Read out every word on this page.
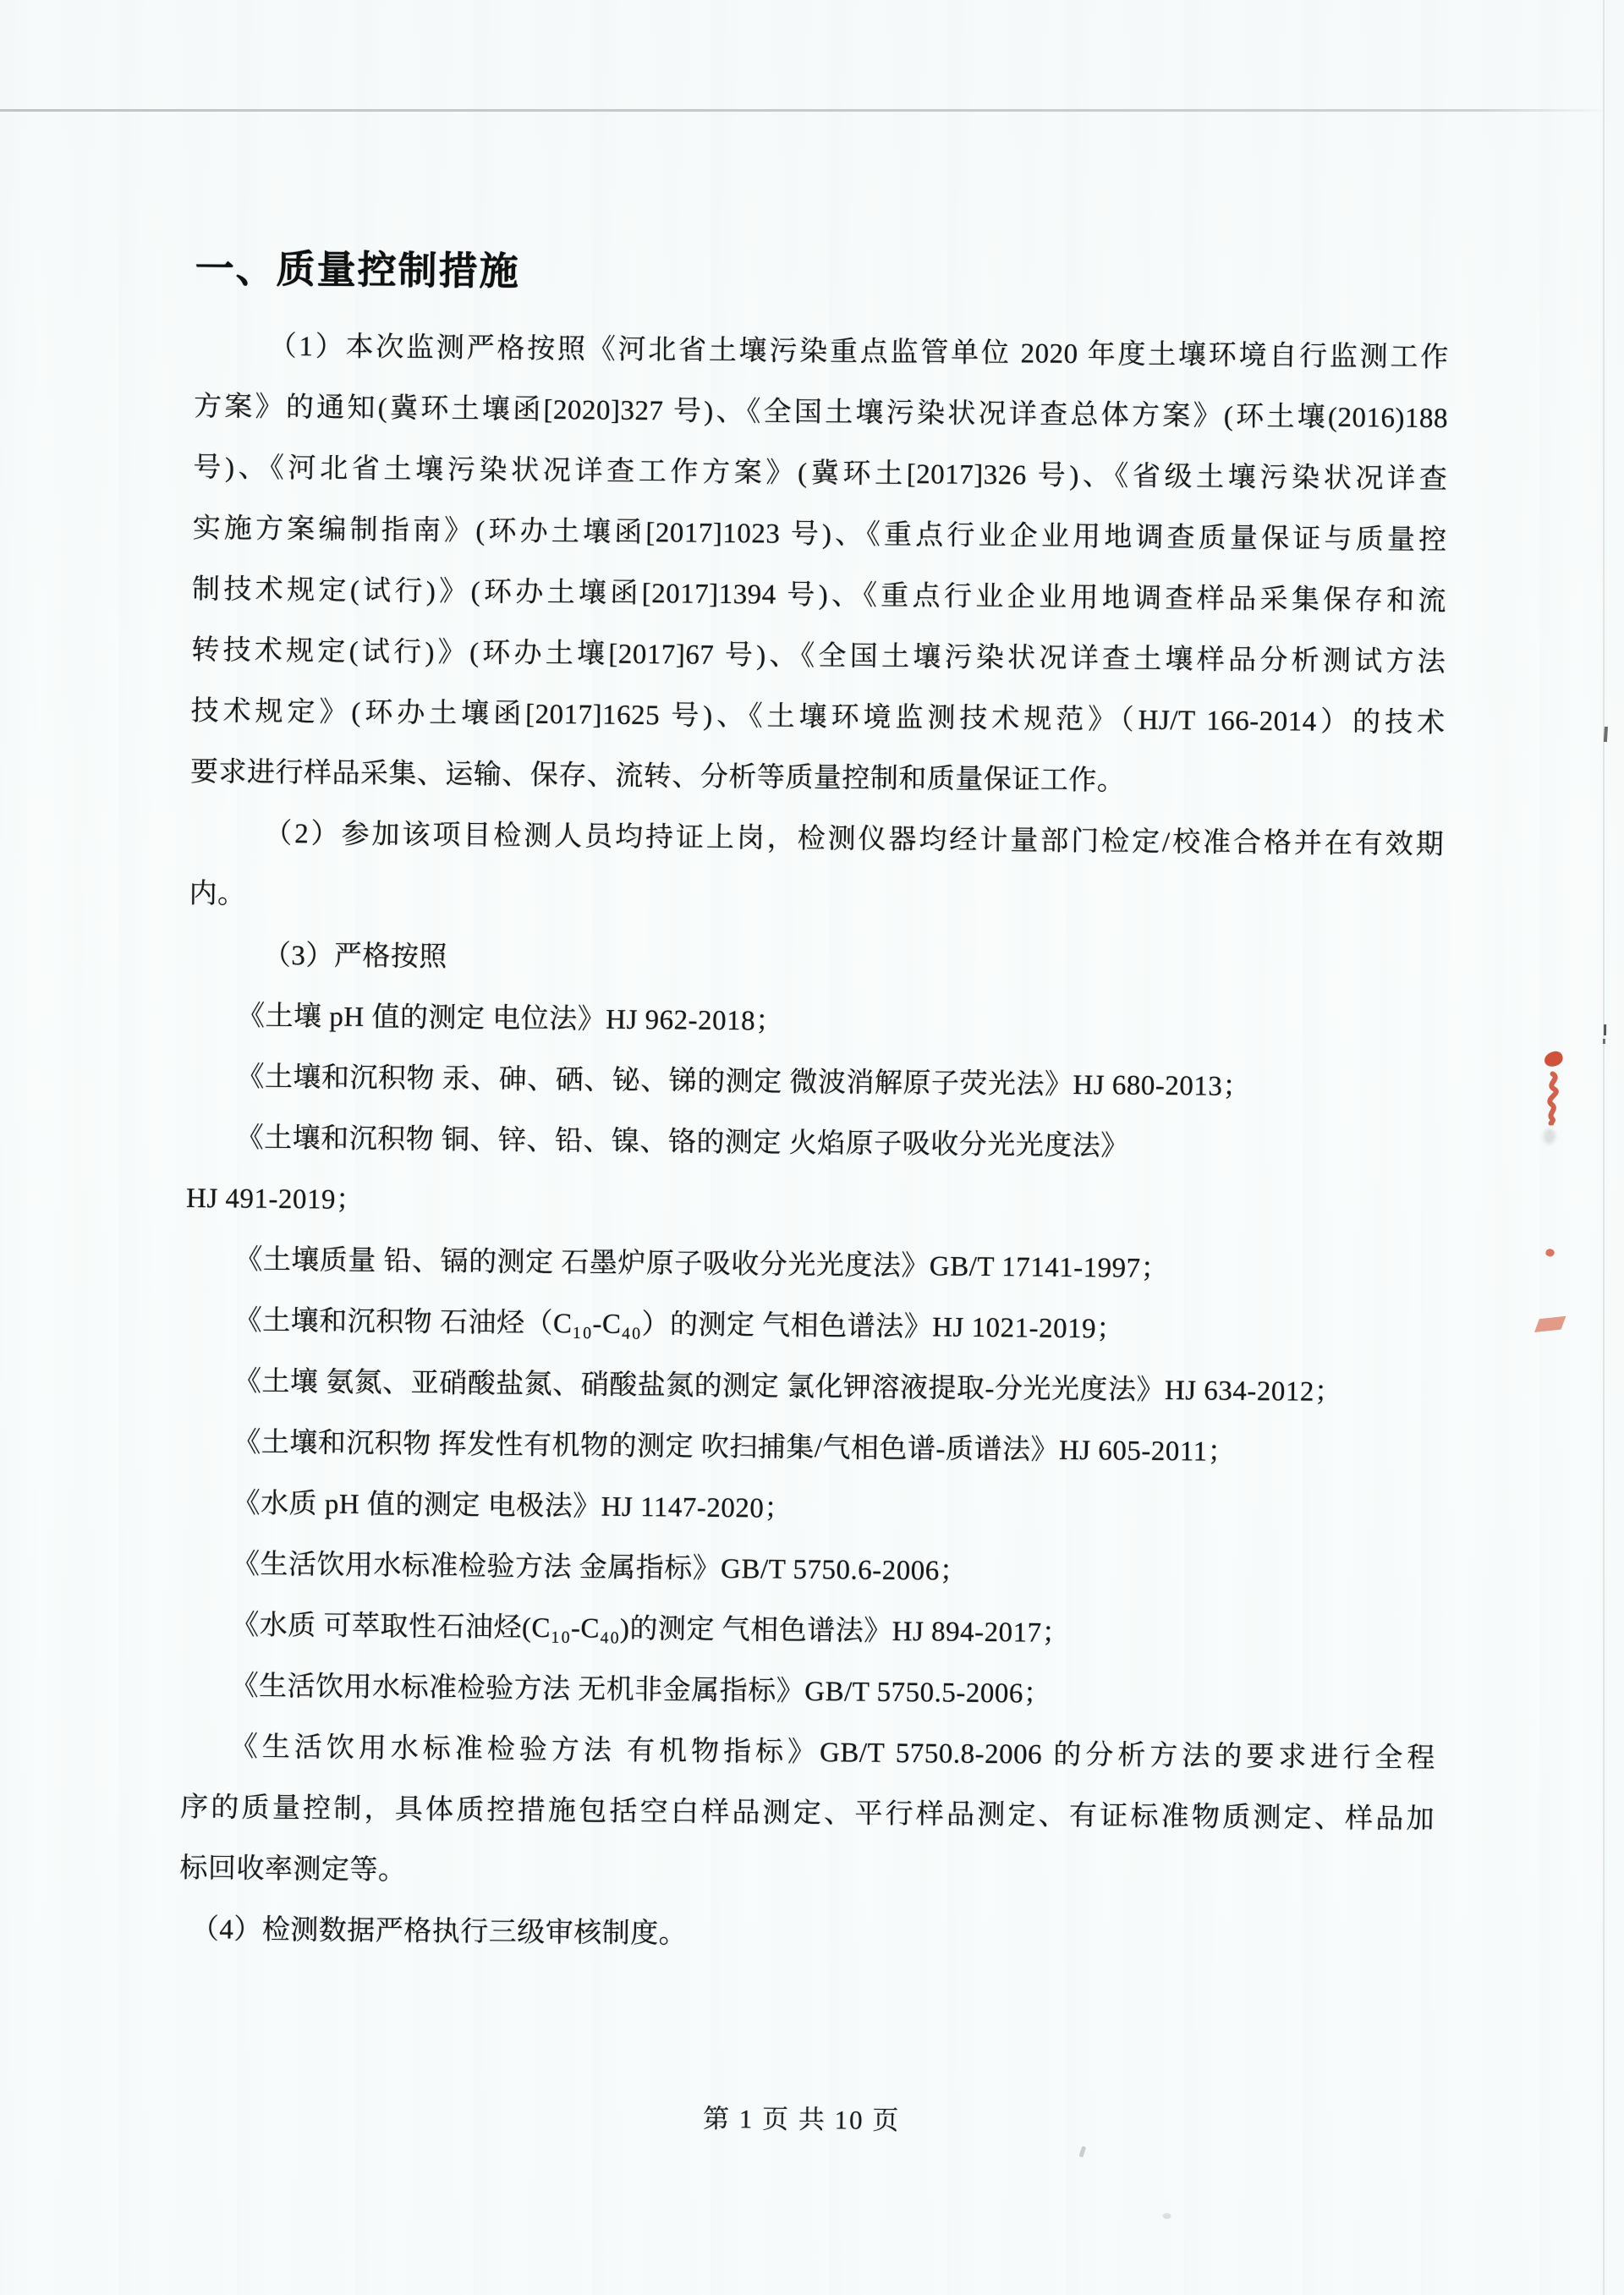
一、质量控制措施
（1）本次监测严格按照《河北省土壤污染重点监管单位 2020 年度土壤环境自行监测工作
方案》的通知(冀环土壤函[2020]327 号)、《全国土壤污染状况详查总体方案》(环土壤(2016)188
号)、《河北省土壤污染状况详查工作方案》(冀环土[2017]326 号)、《省级土壤污染状况详查
实施方案编制指南》(环办土壤函[2017]1023 号)、《重点行业企业用地调查质量保证与质量控
制技术规定(试行)》(环办土壤函[2017]1394 号)、《重点行业企业用地调查样品采集保存和流
转技术规定(试行)》(环办土壤[2017]67 号)、《全国土壤污染状况详查土壤样品分析测试方法
技术规定》(环办土壤函[2017]1625 号)、《土壤环境监测技术规范》（HJ/T 166-2014）的技术
要求进行样品采集、运输、保存、流转、分析等质量控制和质量保证工作。
（2）参加该项目检测人员均持证上岗，检测仪器均经计量部门检定/校准合格并在有效期
内。
（3）严格按照
《土壤 pH 值的测定 电位法》HJ 962-2018；
《土壤和沉积物 汞、砷、硒、铋、锑的测定 微波消解原子荧光法》HJ 680-2013；
《土壤和沉积物 铜、锌、铅、镍、铬的测定 火焰原子吸收分光光度法》
HJ 491-2019；
《土壤质量 铅、镉的测定 石墨炉原子吸收分光光度法》GB/T 17141-1997；
《土壤和沉积物 石油烃（C₁₀-C₄₀）的测定 气相色谱法》HJ 1021-2019；
《土壤 氨氮、亚硝酸盐氮、硝酸盐氮的测定 氯化钾溶液提取-分光光度法》HJ 634-2012；
《土壤和沉积物 挥发性有机物的测定 吹扫捕集/气相色谱-质谱法》HJ 605-2011；
《水质 pH 值的测定 电极法》HJ 1147-2020；
《生活饮用水标准检验方法 金属指标》GB/T 5750.6-2006；
《水质 可萃取性石油烃(C₁₀-C₄₀)的测定 气相色谱法》HJ 894-2017；
《生活饮用水标准检验方法 无机非金属指标》GB/T 5750.5-2006；
《生活饮用水标准检验方法 有机物指标》GB/T 5750.8-2006 的分析方法的要求进行全程
序的质量控制，具体质控措施包括空白样品测定、平行样品测定、有证标准物质测定、样品加
标回收率测定等。
（4）检测数据严格执行三级审核制度。
第 1 页 共 10 页
